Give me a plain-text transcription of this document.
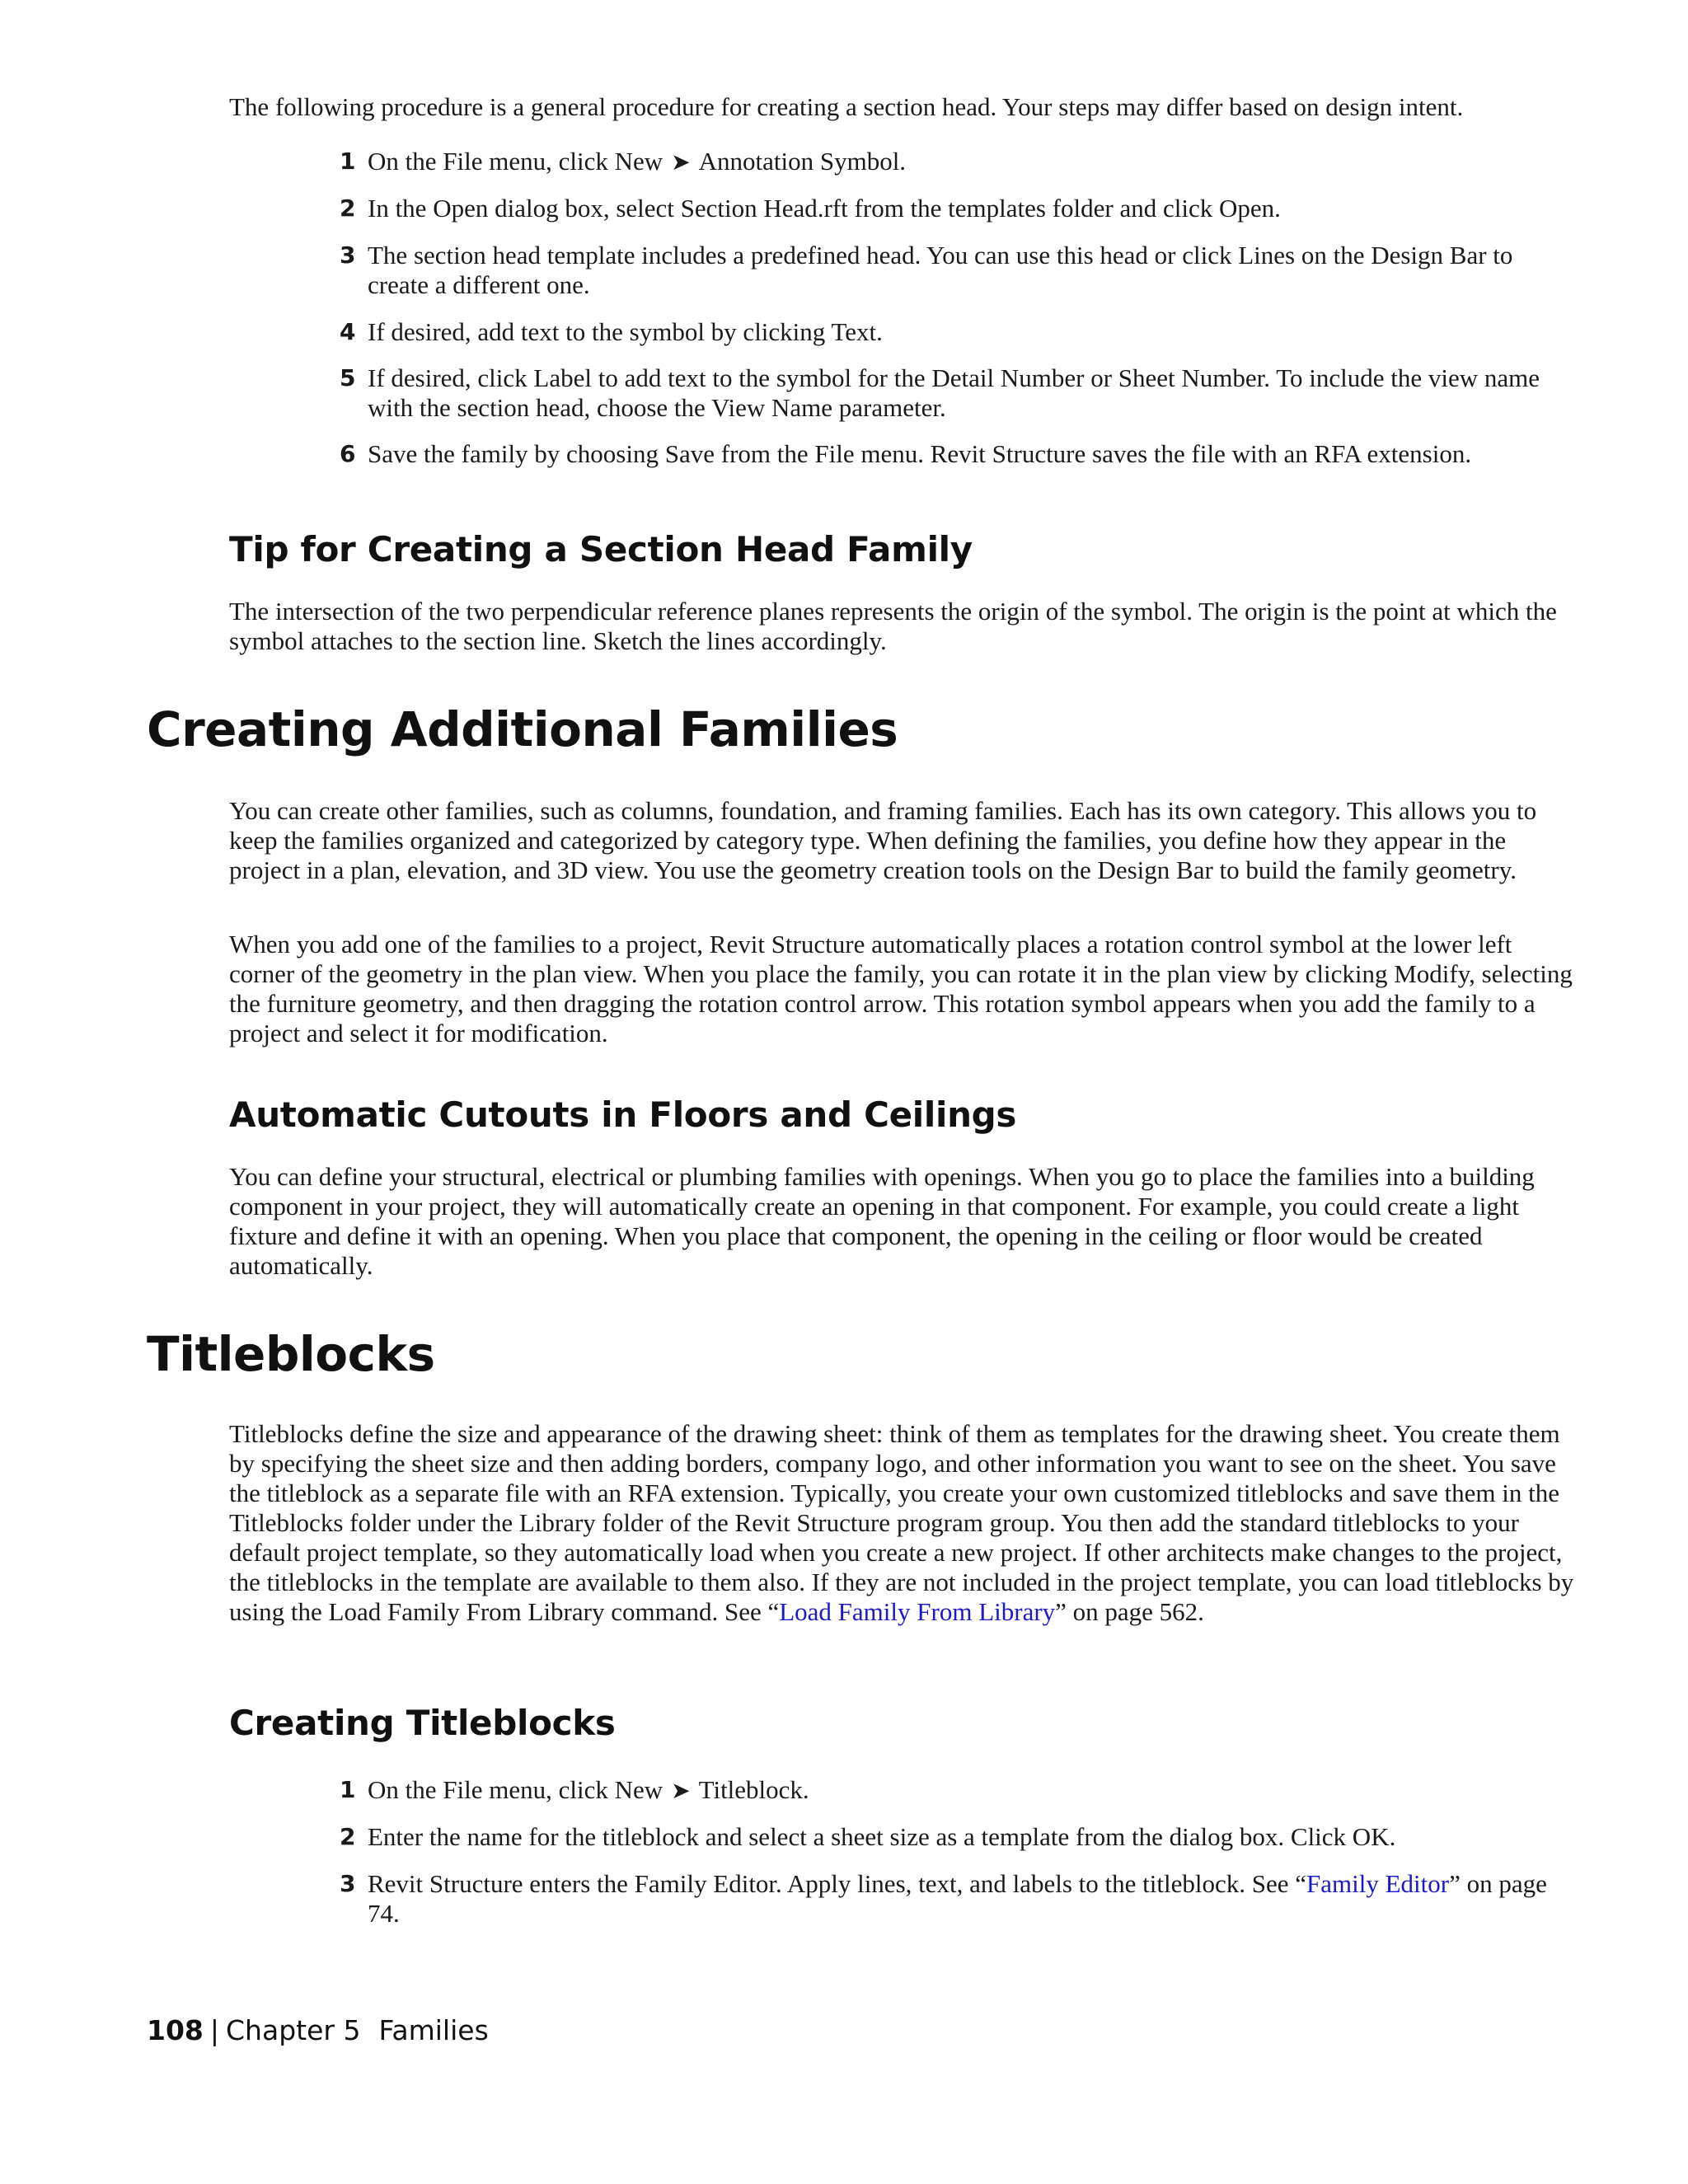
The following procedure is a general procedure for creating a section head. Your steps may differ based on design intent.

1 On the File menu, click New ➤ Annotation Symbol.
2 In the Open dialog box, select Section Head.rft from the templates folder and click Open.
3 The section head template includes a predefined head. You can use this head or click Lines on the Design Bar to create a different one.
4 If desired, add text to the symbol by clicking Text.
5 If desired, click Label to add text to the symbol for the Detail Number or Sheet Number. To include the view name with the section head, choose the View Name parameter.
6 Save the family by choosing Save from the File menu. Revit Structure saves the file with an RFA extension.
Tip for Creating a Section Head Family

The intersection of the two perpendicular reference planes represents the origin of the symbol. The origin is the point at which the symbol attaches to the section line. Sketch the lines accordingly.

Creating Additional Families

You can create other families, such as columns, foundation, and framing families. Each has its own category. This allows you to keep the families organized and categorized by category type. When defining the families, you define how they appear in the project in a plan, elevation, and 3D view. You use the geometry creation tools on the Design Bar to build the family geometry.

When you add one of the families to a project, Revit Structure automatically places a rotation control symbol at the lower left corner of the geometry in the plan view. When you place the family, you can rotate it in the plan view by clicking Modify, selecting the furniture geometry, and then dragging the rotation control arrow. This rotation symbol appears when you add the family to a project and select it for modification.

Automatic Cutouts in Floors and Ceilings

You can define your structural, electrical or plumbing families with openings. When you go to place the families into a building component in your project, they will automatically create an opening in that component. For example, you could create a light fixture and define it with an opening. When you place that component, the opening in the ceiling or floor would be created automatically.

Titleblocks

Titleblocks define the size and appearance of the drawing sheet: think of them as templates for the drawing sheet. You create them by specifying the sheet size and then adding borders, company logo, and other information you want to see on the sheet. You save the titleblock as a separate file with an RFA extension. Typically, you create your own customized titleblocks and save them in the Titleblocks folder under the Library folder of the Revit Structure program group. You then add the standard titleblocks to your default project template, so they automatically load when you create a new project. If other architects make changes to the project, the titleblocks in the template are available to them also. If they are not included in the project template, you can load titleblocks by using the Load Family From Library command. See “Load Family From Library” on page 562.

Creating Titleblocks
1 On the File menu, click New ➤ Titleblock.
2 Enter the name for the titleblock and select a sheet size as a template from the dialog box. Click OK.
3 Revit Structure enters the Family Editor. Apply lines, text, and labels to the titleblock. See “Family Editor” on page 74.
108 | Chapter 5 Families
